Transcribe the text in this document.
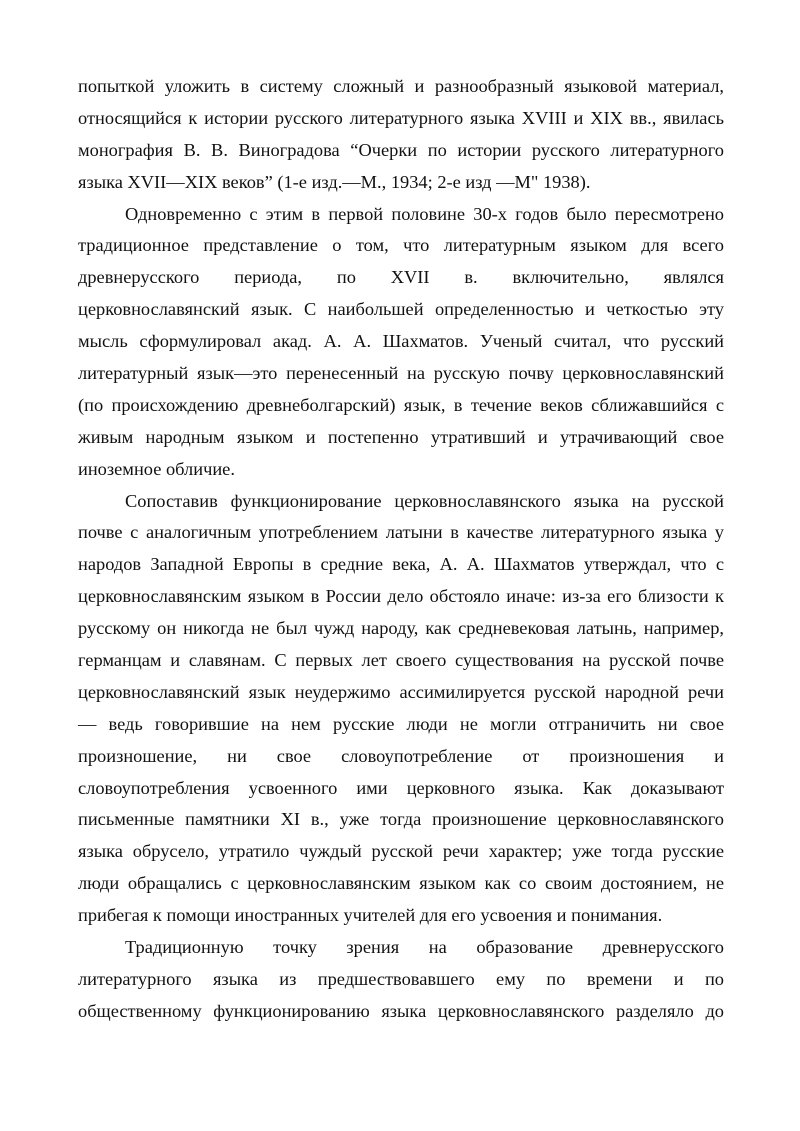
попыткой уложить в систему сложный и разнообразный языковой материал,
относящийся к истории русского литературного языка XVIII и XIX вв., явилась
монография В. В. Виноградова “Очерки по истории русского литературного
языка XVII—XIX веков” (1-е изд.—М., 1934; 2-е изд —М" 1938).
Одновременно с этим в первой половине 30-х годов было пересмотрено
традиционное представление о том, что литературным языком для всего
древнерусского периода, по XVII в. включительно, являлся
церковнославянский язык. С наибольшей определенностью и четкостью эту
мысль сформулировал акад. А. А. Шахматов. Ученый считал, что русский
литературный язык—это перенесенный на русскую почву церковнославянский
(по происхождению древнеболгарский) язык, в течение веков сближавшийся с
живым народным языком и постепенно утративший и утрачивающий свое
иноземное обличие.
Сопоставив функционирование церковнославянского языка на русской
почве с аналогичным употреблением латыни в качестве литературного языка у
народов Западной Европы в средние века, А. А. Шахматов утверждал, что с
церковнославянским языком в России дело обстояло иначе: из-за его близости к
русскому он никогда не был чужд народу, как средневековая латынь, например,
германцам и славянам. С первых лет своего существования на русской почве
церковнославянский язык неудержимо ассимилируется русской народной речи
— ведь говорившие на нем русские люди не могли отграничить ни свое
произношение, ни свое словоупотребление от произношения и
словоупотребления усвоенного ими церковного языка. Как доказывают
письменные памятники XI в., уже тогда произношение церковнославянского
языка обрусело, утратило чуждый русской речи характер; уже тогда русские
люди обращались с церковнославянским языком как со своим достоянием, не
прибегая к помощи иностранных учителей для его усвоения и понимания.
Традиционную точку зрения на образование древнерусского
литературного языка из предшествовавшего ему по времени и по
общественному функционированию языка церковнославянского разделяло до
